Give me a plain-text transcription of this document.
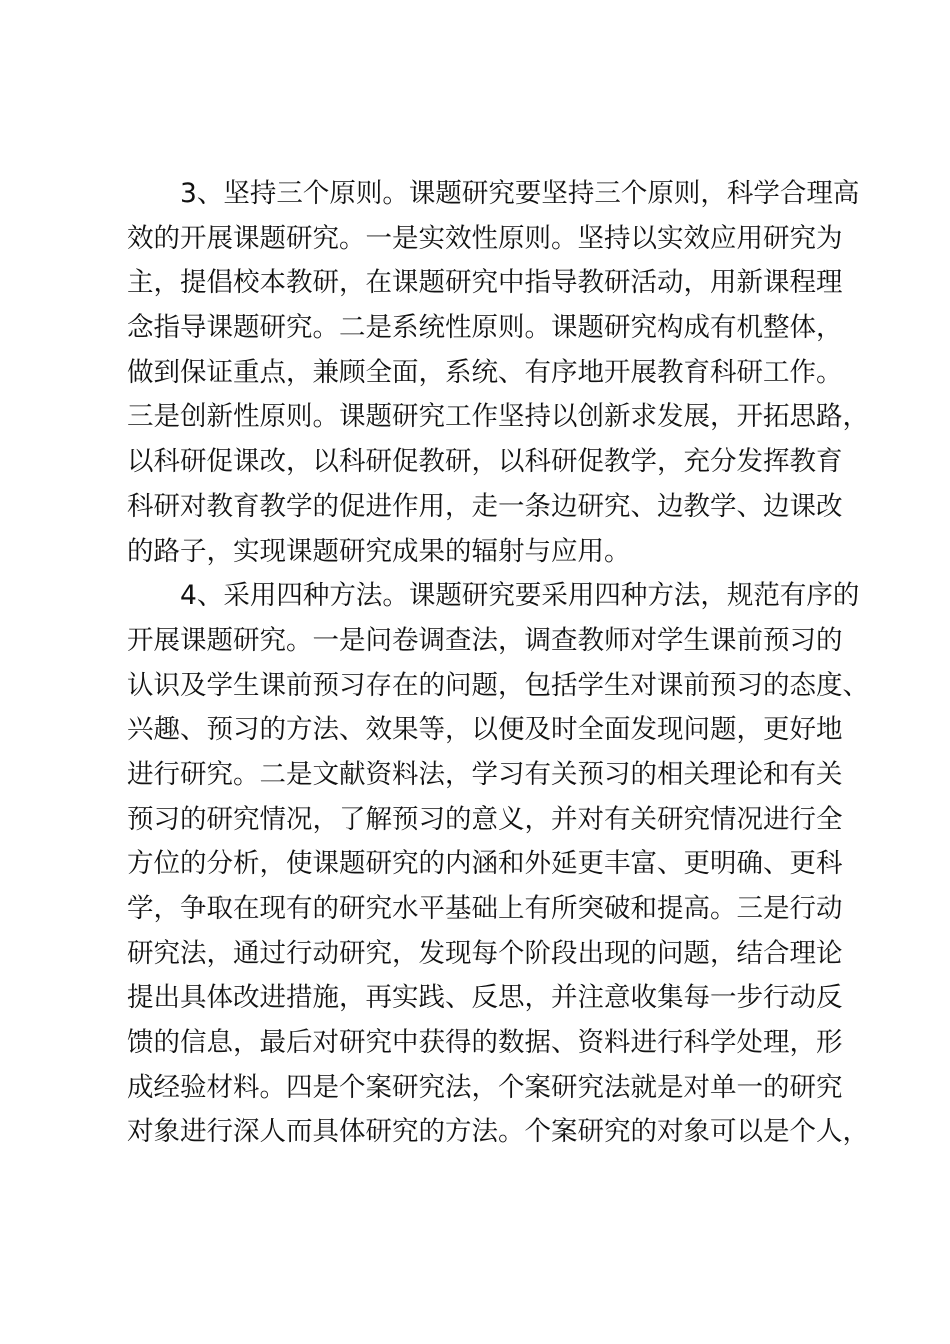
3、坚持三个原则。课题研究要坚持三个原则，科学合理高
效的开展课题研究。一是实效性原则。坚持以实效应用研究为
主，提倡校本教研，在课题研究中指导教研活动，用新课程理
念指导课题研究。二是系统性原则。课题研究构成有机整体，
做到保证重点，兼顾全面，系统、有序地开展教育科研工作。
三是创新性原则。课题研究工作坚持以创新求发展，开拓思路，
以科研促课改，以科研促教研，以科研促教学，充分发挥教育
科研对教育教学的促进作用，走一条边研究、边教学、边课改
的路子，实现课题研究成果的辐射与应用。
4、采用四种方法。课题研究要采用四种方法，规范有序的
开展课题研究。一是问卷调查法，调查教师对学生课前预习的
认识及学生课前预习存在的问题，包括学生对课前预习的态度、
兴趣、预习的方法、效果等，以便及时全面发现问题，更好地
进行研究。二是文献资料法，学习有关预习的相关理论和有关
预习的研究情况，了解预习的意义，并对有关研究情况进行全
方位的分析，使课题研究的内涵和外延更丰富、更明确、更科
学，争取在现有的研究水平基础上有所突破和提高。三是行动
研究法，通过行动研究，发现每个阶段出现的问题，结合理论
提出具体改进措施，再实践、反思，并注意收集每一步行动反
馈的信息，最后对研究中获得的数据、资料进行科学处理，形
成经验材料。四是个案研究法，个案研究法就是对单一的研究
对象进行深人而具体研究的方法。个案研究的对象可以是个人，
